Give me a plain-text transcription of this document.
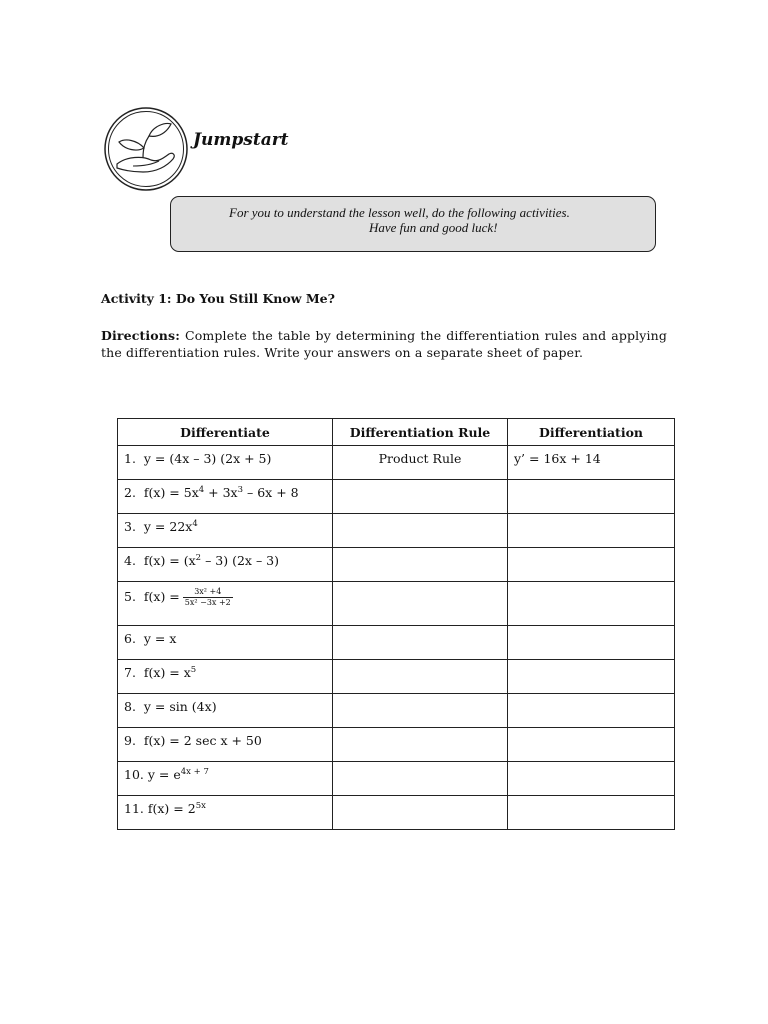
Jumpstart
For you to understand the lesson well, do the following activities.
Have fun and good luck!
Activity 1: Do You Still Know Me?
Directions: Complete the table by determining the differentiation rules and applying the differentiation rules. Write your answers on a separate sheet of paper.
Differentiate	Differentiation Rule	Differentiation

1. y = (4x – 3) (2x + 5)	Product Rule	y’ = 16x + 14

2. $f(x) = 5x^4 + 3x^3 - 6x + 8$		

3. $y = 22x^4$

4. $f(x) = (x^2 - 3)$ (2x – 3)		

5. $f(x) = \frac{\text{3x² +4}}{\text{5x² −3x +2}}$

6. y = x		

7. $f(x) = x^5$

8. y = sin (4x)		

9. f(x) = 2 sec x + 50		

10. $y = e^{4x + 7}$

11. $f(x) = 2^{5x}$
